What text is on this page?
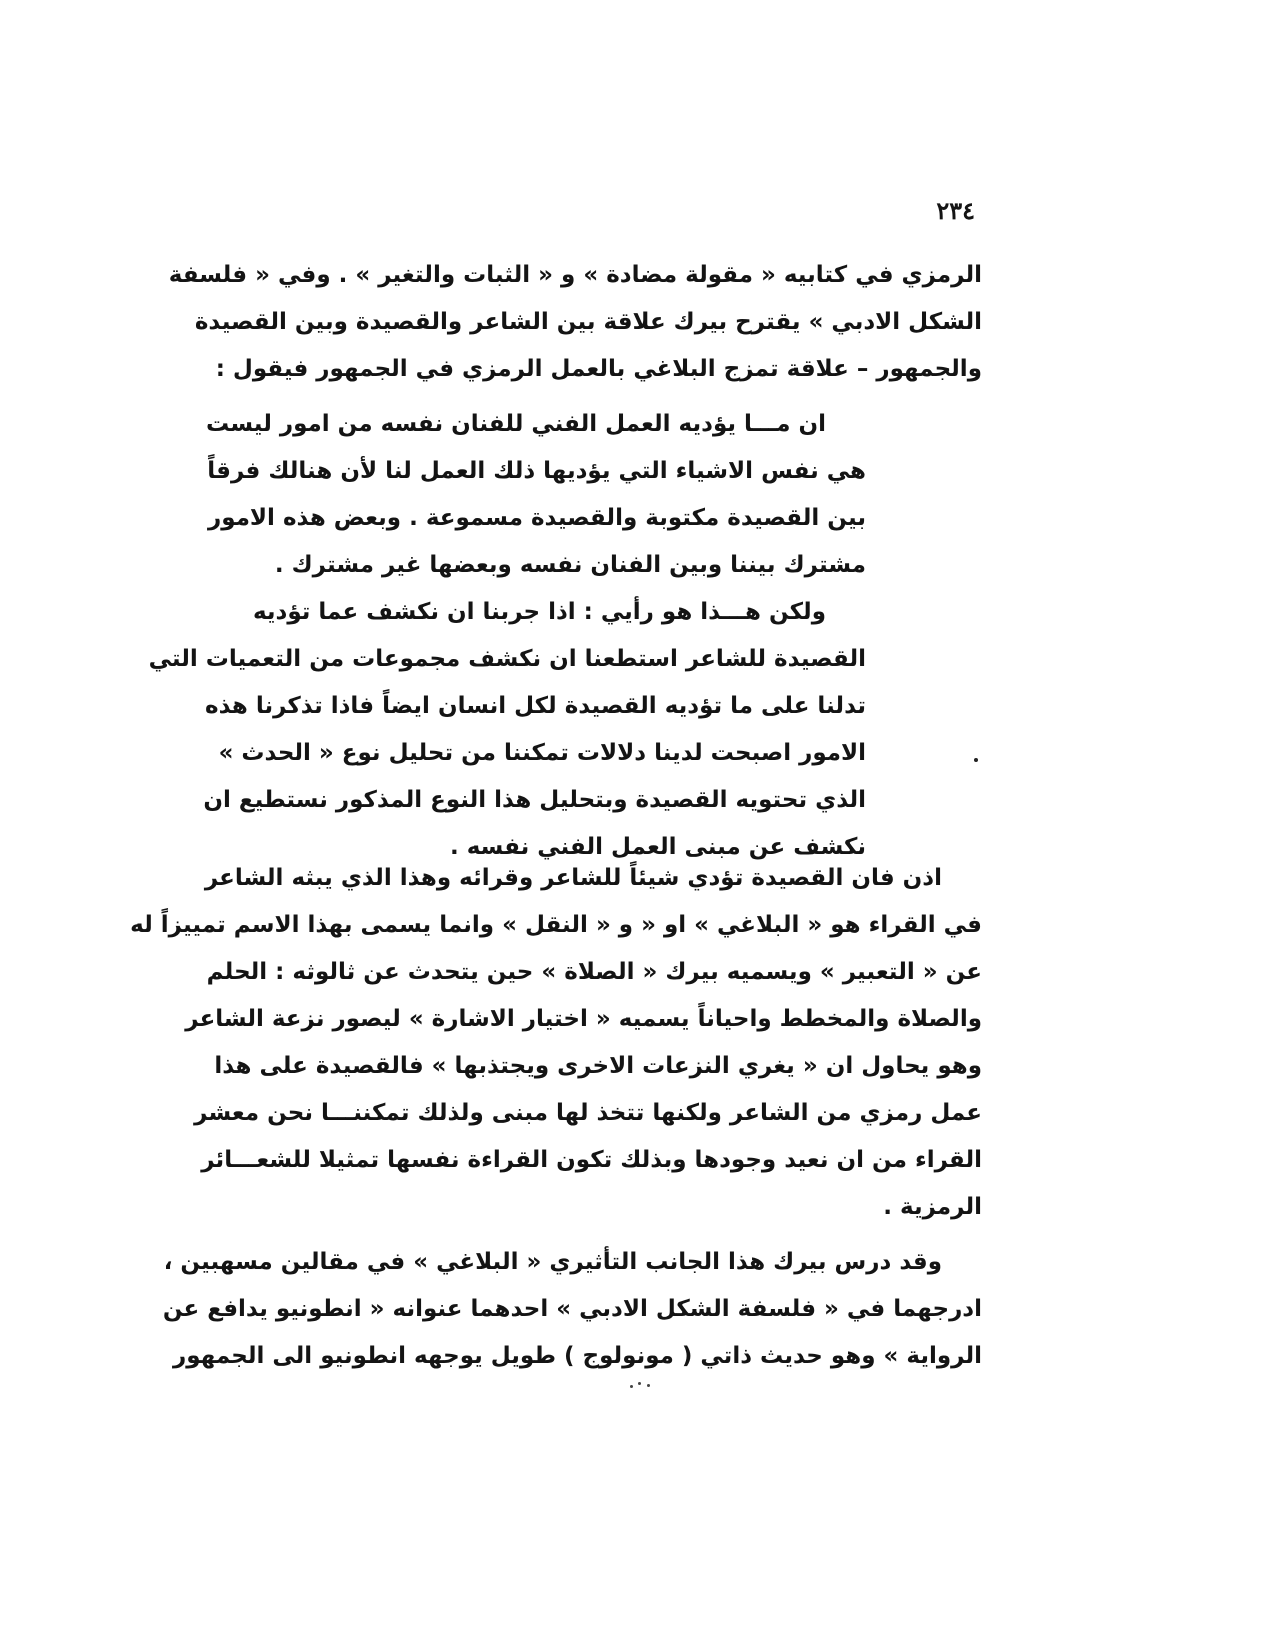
٢٣٤
الرمزي في كتابيه « مقولة مضادة » و « الثبات والتغير » . وفي « فلسفة
الشكل الادبي » يقترح بيرك علاقة بين الشاعر والقصيدة وبين القصيدة
والجمهور – علاقة تمزج البلاغي بالعمل الرمزي في الجمهور فيقول :
ان مـــا يؤديه العمل الفني للفنان نفسه من امور ليست
هي نفس الاشياء التي يؤديها ذلك العمل لنا لأن هنالك فرقاً
بين القصيدة مكتوبة والقصيدة مسموعة . وبعض هذه الامور
مشترك بيننا وبين الفنان نفسه وبعضها غير مشترك .
ولكن هـــذا هو رأيي : اذا جربنا ان نكشف عما تؤديه
القصيدة للشاعر استطعنا ان نكشف مجموعات من التعميات التي
تدلنا على ما تؤديه القصيدة لكل انسان ايضاً فاذا تذكرنا هذه
الامور اصبحت لدينا دلالات تمكننا من تحليل نوع « الحدث »
الذي تحتويه القصيدة وبتحليل هذا النوع المذكور نستطيع ان
نكشف عن مبنى العمل الفني نفسه .
اذن فان القصيدة تؤدي شيئاً للشاعر وقرائه وهذا الذي يبثه الشاعر
في القراء هو « البلاغي » او « و « النقل » وانما يسمى بهذا الاسم تمييزاً له
عن « التعبير » ويسميه بيرك « الصلاة » حين يتحدث عن ثالوثه : الحلم
والصلاة والمخطط واحياناً يسميه « اختيار الاشارة » ليصور نزعة الشاعر
وهو يحاول ان « يغري النزعات الاخرى ويجتذبها » فالقصيدة على هذا
عمل رمزي من الشاعر ولكنها تتخذ لها مبنى ولذلك تمكننـــا نحن معشر
القراء من ان نعيد وجودها وبذلك تكون القراءة نفسها تمثيلا للشعـــائر
الرمزية .
وقد درس بيرك هذا الجانب التأثيري « البلاغي » في مقالين مسهبين ،
ادرجهما في « فلسفة الشكل الادبي » احدهما عنوانه « انطونيو يدافع عن
الرواية » وهو حديث ذاتي ( مونولوج ) طويل يوجهه انطونيو الى الجمهور
